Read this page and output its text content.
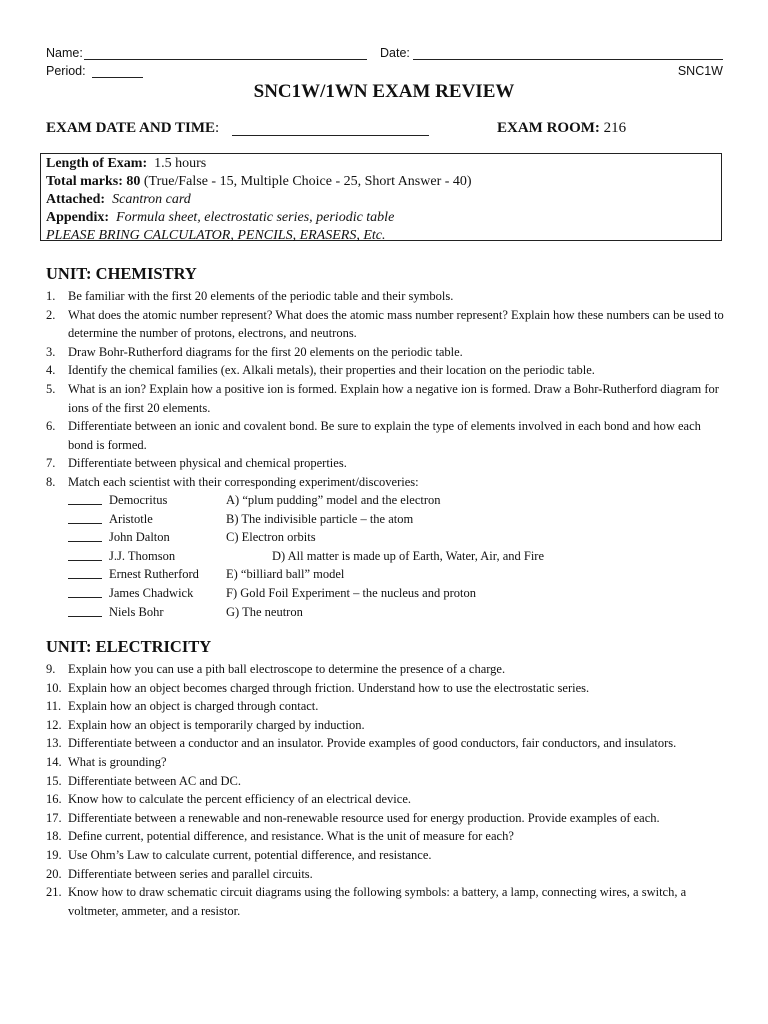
Name:	Date:
Period:	SNC1W
SNC1W/1WN EXAM REVIEW
EXAM DATE AND TIME:	EXAM ROOM: 216
Length of Exam: 1.5 hours
Total marks: 80 (True/False - 15, Multiple Choice - 25, Short Answer - 40)
Attached: Scantron card
Appendix: Formula sheet, electrostatic series, periodic table
PLEASE BRING CALCULATOR, PENCILS, ERASERS, Etc.
UNIT: CHEMISTRY
1. Be familiar with the first 20 elements of the periodic table and their symbols.
2. What does the atomic number represent? What does the atomic mass number represent? Explain how these numbers can be used to determine the number of protons, electrons, and neutrons.
3. Draw Bohr-Rutherford diagrams for the first 20 elements on the periodic table.
4. Identify the chemical families (ex. Alkali metals), their properties and their location on the periodic table.
5. What is an ion? Explain how a positive ion is formed. Explain how a negative ion is formed. Draw a Bohr-Rutherford diagram for ions of the first 20 elements.
6. Differentiate between an ionic and covalent bond. Be sure to explain the type of elements involved in each bond and how each bond is formed.
7. Differentiate between physical and chemical properties.
8. Match each scientist with their corresponding experiment/discoveries:
Democritus	A) “plum pudding” model and the electron
Aristotle	B) The indivisible particle – the atom
John Dalton	C) Electron orbits
J.J. Thomson	D) All matter is made up of Earth, Water, Air, and Fire
Ernest Rutherford E) “billiard ball” model
James Chadwick	F) Gold Foil Experiment – the nucleus and proton
Niels Bohr	G) The neutron
UNIT: ELECTRICITY
9. Explain how you can use a pith ball electroscope to determine the presence of a charge.
10. Explain how an object becomes charged through friction. Understand how to use the electrostatic series.
11. Explain how an object is charged through contact.
12. Explain how an object is temporarily charged by induction.
13. Differentiate between a conductor and an insulator. Provide examples of good conductors, fair conductors, and insulators.
14. What is grounding?
15. Differentiate between AC and DC.
16. Know how to calculate the percent efficiency of an electrical device.
17. Differentiate between a renewable and non-renewable resource used for energy production. Provide examples of each.
18. Define current, potential difference, and resistance. What is the unit of measure for each?
19. Use Ohm’s Law to calculate current, potential difference, and resistance.
20. Differentiate between series and parallel circuits.
21. Know how to draw schematic circuit diagrams using the following symbols: a battery, a lamp, connecting wires, a switch, a voltmeter, ammeter, and a resistor.
